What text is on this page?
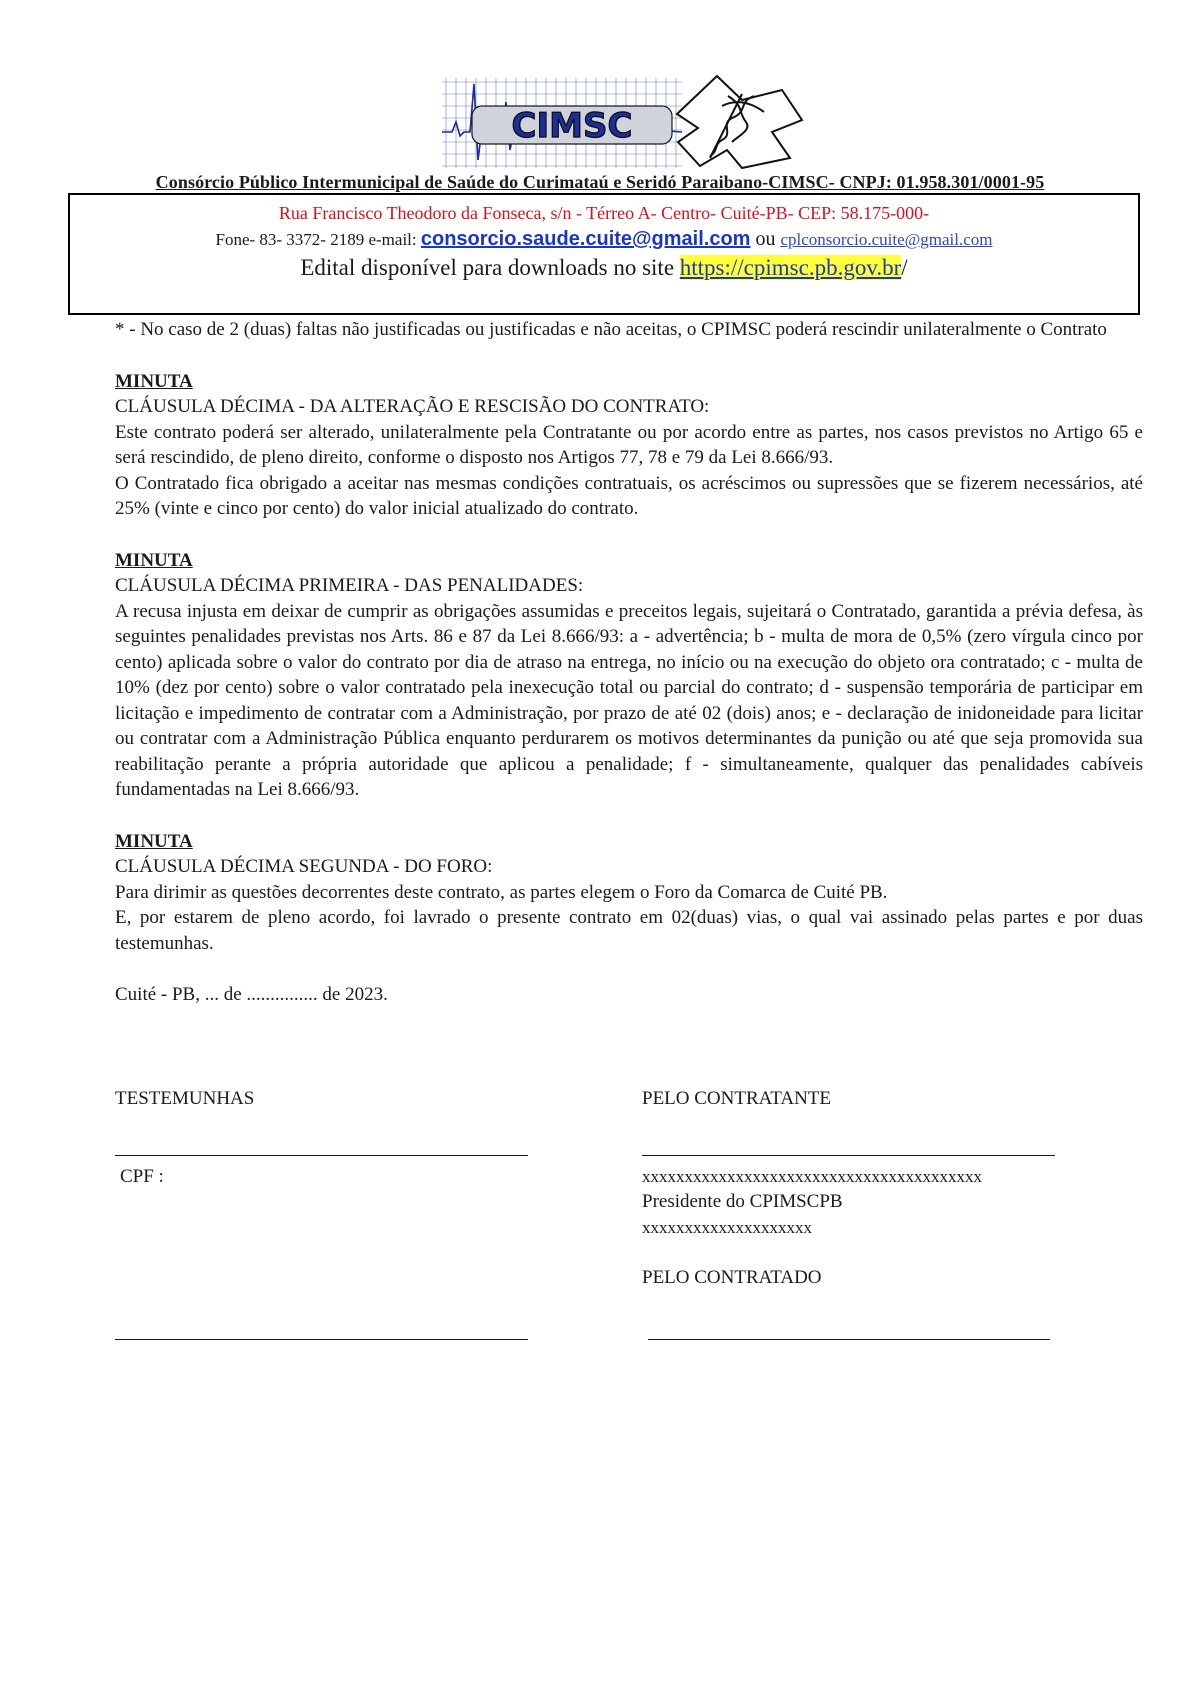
CIMSC
Consórcio Público Intermunicipal de Saúde do Curimataú e Seridó Paraibano-CIMSC- CNPJ: 01.958.301/0001-95
Rua Francisco Theodoro da Fonseca, s/n - Térreo A- Centro- Cuité-PB- CEP: 58.175-000-
Fone- 83- 3372- 2189 e-mail: consorcio.saude.cuite@gmail.com ou cplconsorcio.cuite@gmail.com
Edital disponível para downloads no site https://cpimsc.pb.gov.br/

* - No caso de 2 (duas) faltas não justificadas ou justificadas e não aceitas, o CPIMSC poderá rescindir unilateralmente o Contrato

MINUTA

CLÁUSULA DÉCIMA - DA ALTERAÇÃO E RESCISÃO DO CONTRATO:

Este contrato poderá ser alterado, unilateralmente pela Contratante ou por acordo entre as partes, nos casos previstos no Artigo 65 e será rescindido, de pleno direito, conforme o disposto nos Artigos 77, 78 e 79 da Lei 8.666/93.

O Contratado fica obrigado a aceitar nas mesmas condições contratuais, os acréscimos ou supressões que se fizerem necessários, até 25% (vinte e cinco por cento) do valor inicial atualizado do contrato.

MINUTA

CLÁUSULA DÉCIMA PRIMEIRA - DAS PENALIDADES:

A recusa injusta em deixar de cumprir as obrigações assumidas e preceitos legais, sujeitará o Contratado, garantida a prévia defesa, às seguintes penalidades previstas nos Arts. 86 e 87 da Lei 8.666/93: a - advertência; b - multa de mora de 0,5% (zero vírgula cinco por cento) aplicada sobre o valor do contrato por dia de atraso na entrega, no início ou na execução do objeto ora contratado; c - multa de 10% (dez por cento) sobre o valor contratado pela inexecução total ou parcial do contrato; d - suspensão temporária de participar em licitação e impedimento de contratar com a Administração, por prazo de até 02 (dois) anos; e - declaração de inidoneidade para licitar ou contratar com a Administração Pública enquanto perdurarem os motivos determinantes da punição ou até que seja promovida sua reabilitação perante a própria autoridade que aplicou a penalidade; f - simultaneamente, qualquer das penalidades cabíveis fundamentadas na Lei 8.666/93.

MINUTA

CLÁUSULA DÉCIMA SEGUNDA - DO FORO:

Para dirimir as questões decorrentes deste contrato, as partes elegem o Foro da Comarca de Cuité PB.

E, por estarem de pleno acordo, foi lavrado o presente contrato em 02(duas) vias, o qual vai assinado pelas partes e por duas testemunhas.

Cuité - PB, ... de ............... de 2023.

TESTEMUNHAS	PELO CONTRATANTE
CPF :	xxxxxxxxxxxxxxxxxxxxxxxxxxxxxxxxxxxxxxxx
Presidente do CPIMSCPB
xxxxxxxxxxxxxxxxxxxx
PELO CONTRATADO
